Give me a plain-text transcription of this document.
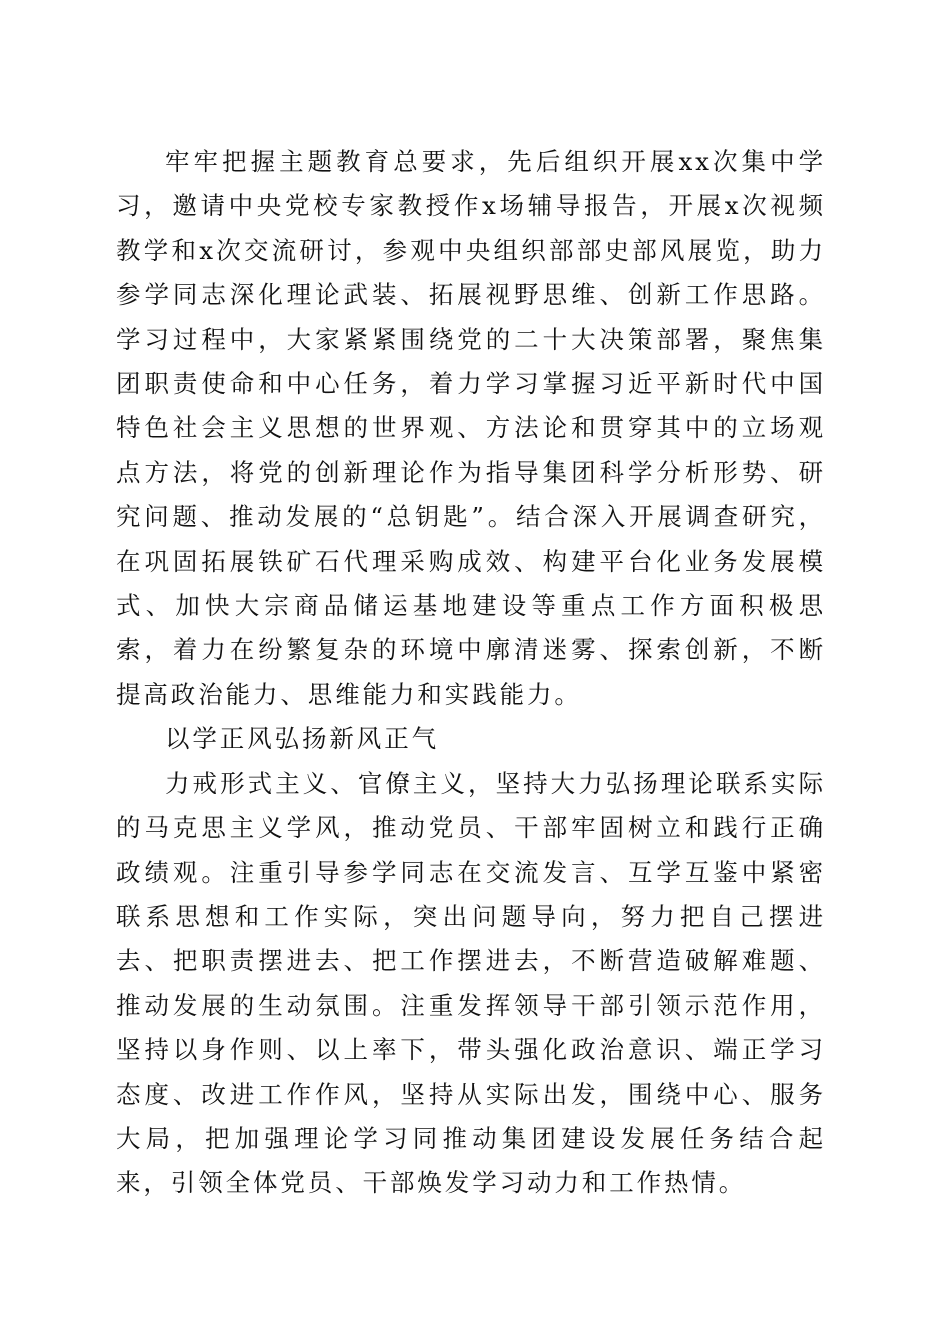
牢牢把握主题教育总要求，先后组织开展xx次集中学习，邀请中央党校专家教授作x场辅导报告，开展x次视频教学和x次交流研讨，参观中央组织部部史部风展览，助力参学同志深化理论武装、拓展视野思维、创新工作思路。学习过程中，大家紧紧围绕党的二十大决策部署，聚焦集团职责使命和中心任务，着力学习掌握习近平新时代中国特色社会主义思想的世界观、方法论和贯穿其中的立场观点方法，将党的创新理论作为指导集团科学分析形势、研究问题、推动发展的“总钥匙”。结合深入开展调查研究，在巩固拓展铁矿石代理采购成效、构建平台化业务发展模式、加快大宗商品储运基地建设等重点工作方面积极思索，着力在纷繁复杂的环境中廓清迷雾、探索创新，不断提高政治能力、思维能力和实践能力。

以学正风弘扬新风正气

力戒形式主义、官僚主义，坚持大力弘扬理论联系实际的马克思主义学风，推动党员、干部牢固树立和践行正确政绩观。注重引导参学同志在交流发言、互学互鉴中紧密联系思想和工作实际，突出问题导向，努力把自己摆进去、把职责摆进去、把工作摆进去，不断营造破解难题、推动发展的生动氛围。注重发挥领导干部引领示范作用，坚持以身作则、以上率下，带头强化政治意识、端正学习态度、改进工作作风，坚持从实际出发，围绕中心、服务大局，把加强理论学习同推动集团建设发展任务结合起来，引领全体党员、干部焕发学习动力和工作热情。
